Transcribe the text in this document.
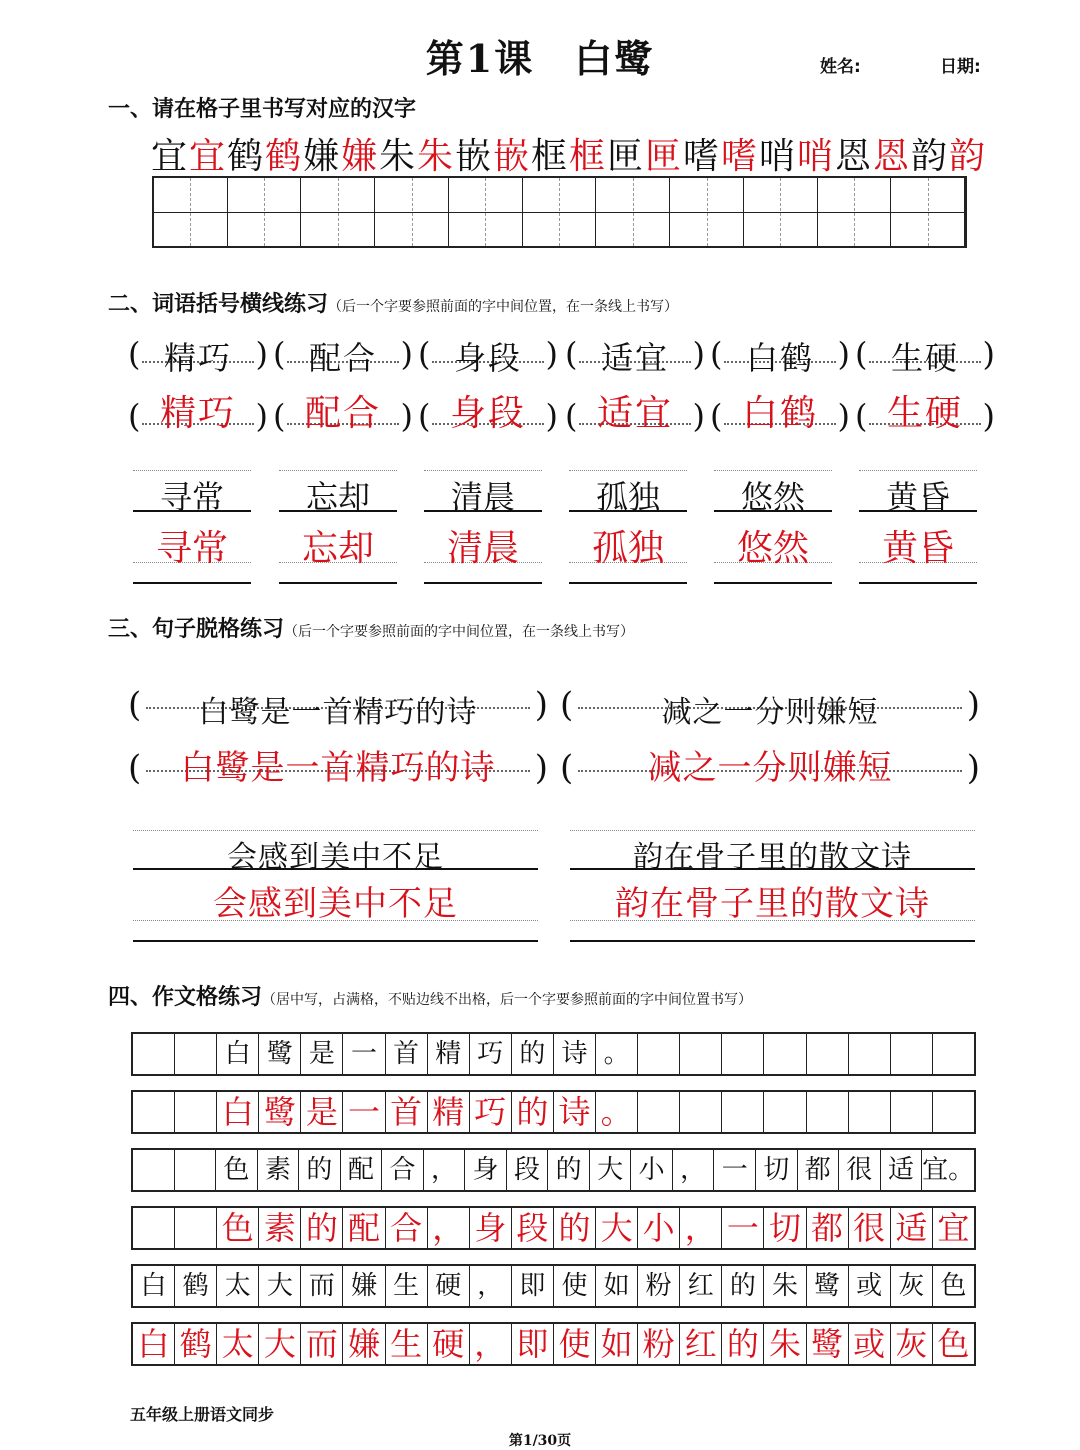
第1课　白鹭	姓名:	日期:
一、请在格子里书写对应的汉字
宜 宜 鹤 鹤 嫌 嫌 朱 朱 嵌 嵌 框 框 匣 匣 嗜 嗜 哨 哨 恩 恩 韵 韵
二、词语括号横线练习（后一个字要参照前面的字中间位置，在一条线上书写）
(	)
精巧
(	)
精巧
(	)
配合
(	)
配合
(	)
身段
(	)
身段
(	)
适宜
(	)
适宜
(	)
白鹤
(	)
白鹤
(	)
生硬
(	)
生硬
寻常
寻常
忘却
忘却
清晨
清晨
孤独
孤独
悠然
悠然
黄昏
黄昏
三、句子脱格练习（后一个字要参照前面的字中间位置，在一条线上书写）
(	)
白鹭是一首精巧的诗
(	)
白鹭是一首精巧的诗
(	)
减之一分则嫌短
(	)
减之一分则嫌短
会感到美中不足
会感到美中不足
韵在骨子里的散文诗
韵在骨子里的散文诗
四、作文格练习（居中写，占满格，不贴边线不出格，后一个字要参照前面的字中间位置书写）
白 鹭 是 一 首 精 巧 的 诗 。
白 鹭 是 一 首 精 巧 的 诗 。
色 素 的 配 合 ， 身 段 的 大 小 ， 一 切 都 很 适 宜。
色 素 的 配 合 ， 身 段 的 大 小 ， 一 切 都 很 适 宜
白 鹤 太 大 而 嫌 生 硬 ， 即 使 如 粉 红 的 朱 鹭 或 灰 色
白 鹤 太 大 而 嫌 生 硬 ， 即 使 如 粉 红 的 朱 鹭 或 灰 色
五年级上册语文同步
第1/30页
